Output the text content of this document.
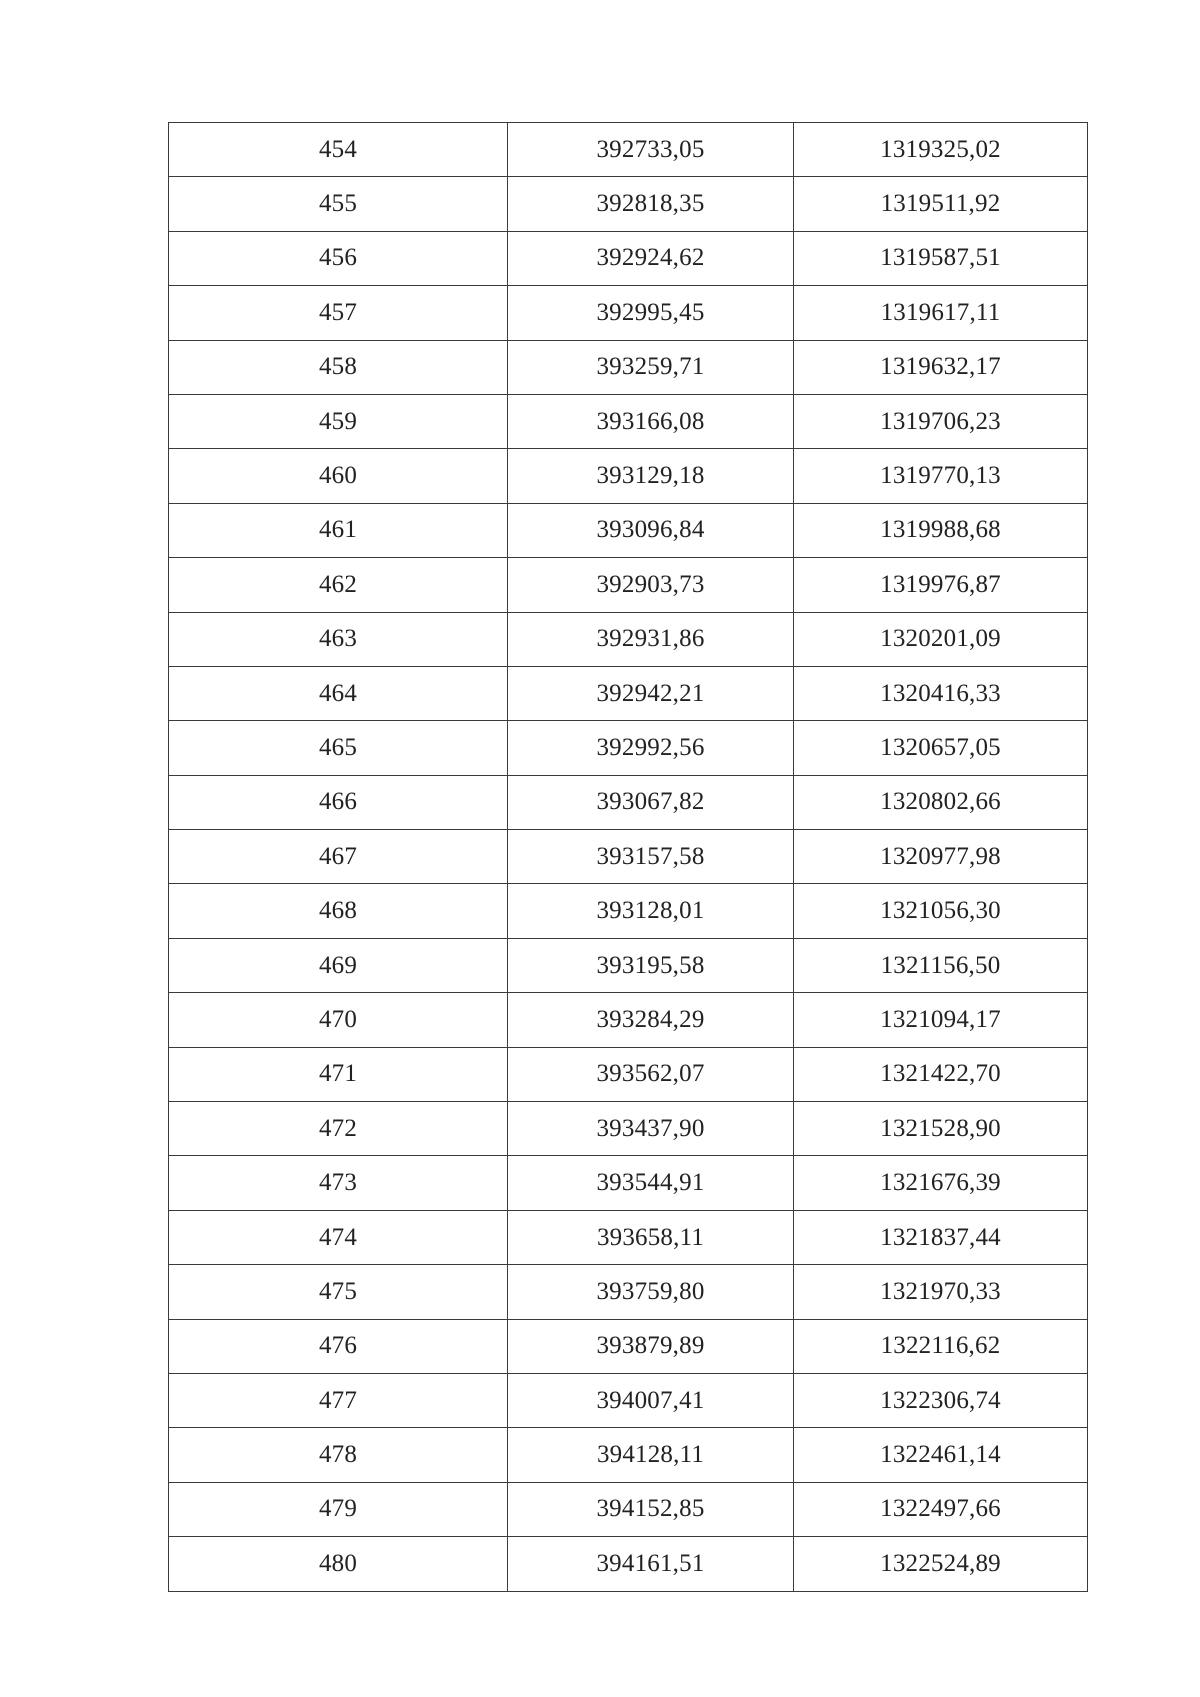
454	392733,05	1319325,02
455	392818,35	1319511,92
456	392924,62	1319587,51
457	392995,45	1319617,11
458	393259,71	1319632,17
459	393166,08	1319706,23
460	393129,18	1319770,13
461	393096,84	1319988,68
462	392903,73	1319976,87
463	392931,86	1320201,09
464	392942,21	1320416,33
465	392992,56	1320657,05
466	393067,82	1320802,66
467	393157,58	1320977,98
468	393128,01	1321056,30
469	393195,58	1321156,50
470	393284,29	1321094,17
471	393562,07	1321422,70
472	393437,90	1321528,90
473	393544,91	1321676,39
474	393658,11	1321837,44
475	393759,80	1321970,33
476	393879,89	1322116,62
477	394007,41	1322306,74
478	394128,11	1322461,14
479	394152,85	1322497,66
480	394161,51	1322524,89
